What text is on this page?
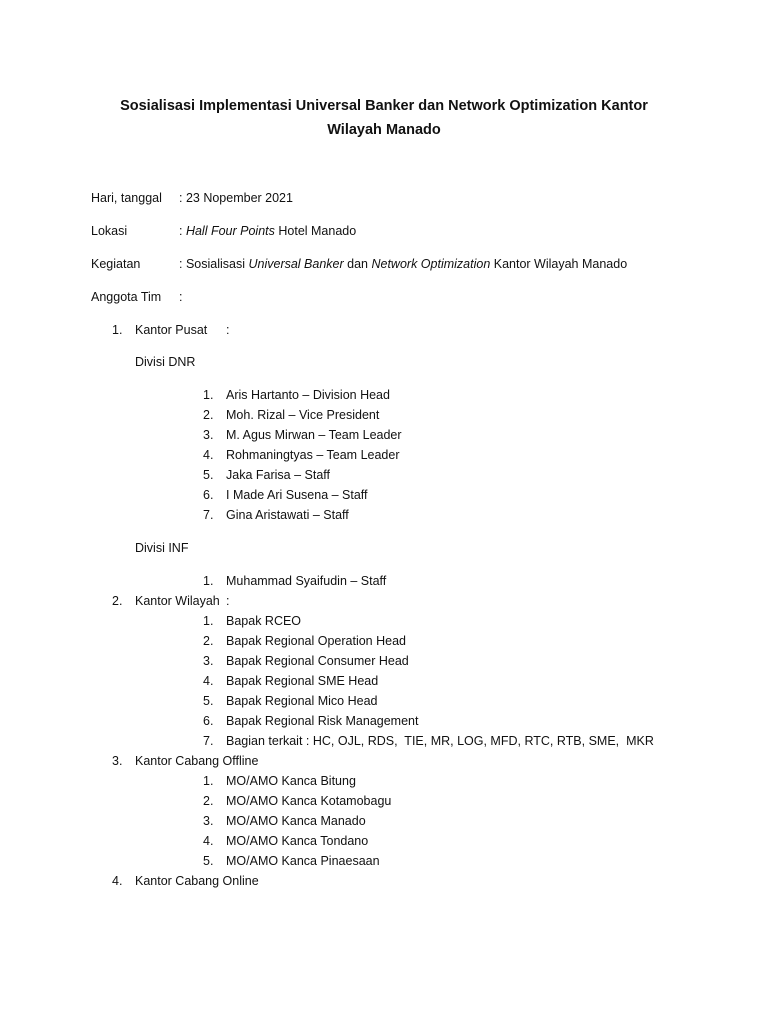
Sosialisasi Implementasi Universal Banker dan Network Optimization Kantor
Wilayah Manado
Hari, tanggal : 23 Nopember 2021
Lokasi	: Hall Four Points Hotel Manado
Kegiatan	: Sosialisasi Universal Banker dan Network Optimization Kantor Wilayah Manado
Anggota Tim :
1. Kantor Pusat :
Divisi DNR
1. Aris Hartanto – Division Head
2. Moh. Rizal – Vice President
3. M. Agus Mirwan – Team Leader
4. Rohmaningtyas – Team Leader
5. Jaka Farisa – Staff
6. I Made Ari Susena – Staff
7. Gina Aristawati – Staff
Divisi INF
1. Muhammad Syaifudin – Staff
2. Kantor Wilayah :
1. Bapak RCEO
2. Bapak Regional Operation Head
3. Bapak Regional Consumer Head
4. Bapak Regional SME Head
5. Bapak Regional Mico Head
6. Bapak Regional Risk Management
7. Bagian terkait : HC, OJL, RDS,  TIE, MR, LOG, MFD, RTC, RTB, SME,  MKR
3. Kantor Cabang Offline
1. MO/AMO Kanca Bitung
2. MO/AMO Kanca Kotamobagu
3. MO/AMO Kanca Manado
4. MO/AMO Kanca Tondano
5. MO/AMO Kanca Pinaesaan
4. Kantor Cabang Online
